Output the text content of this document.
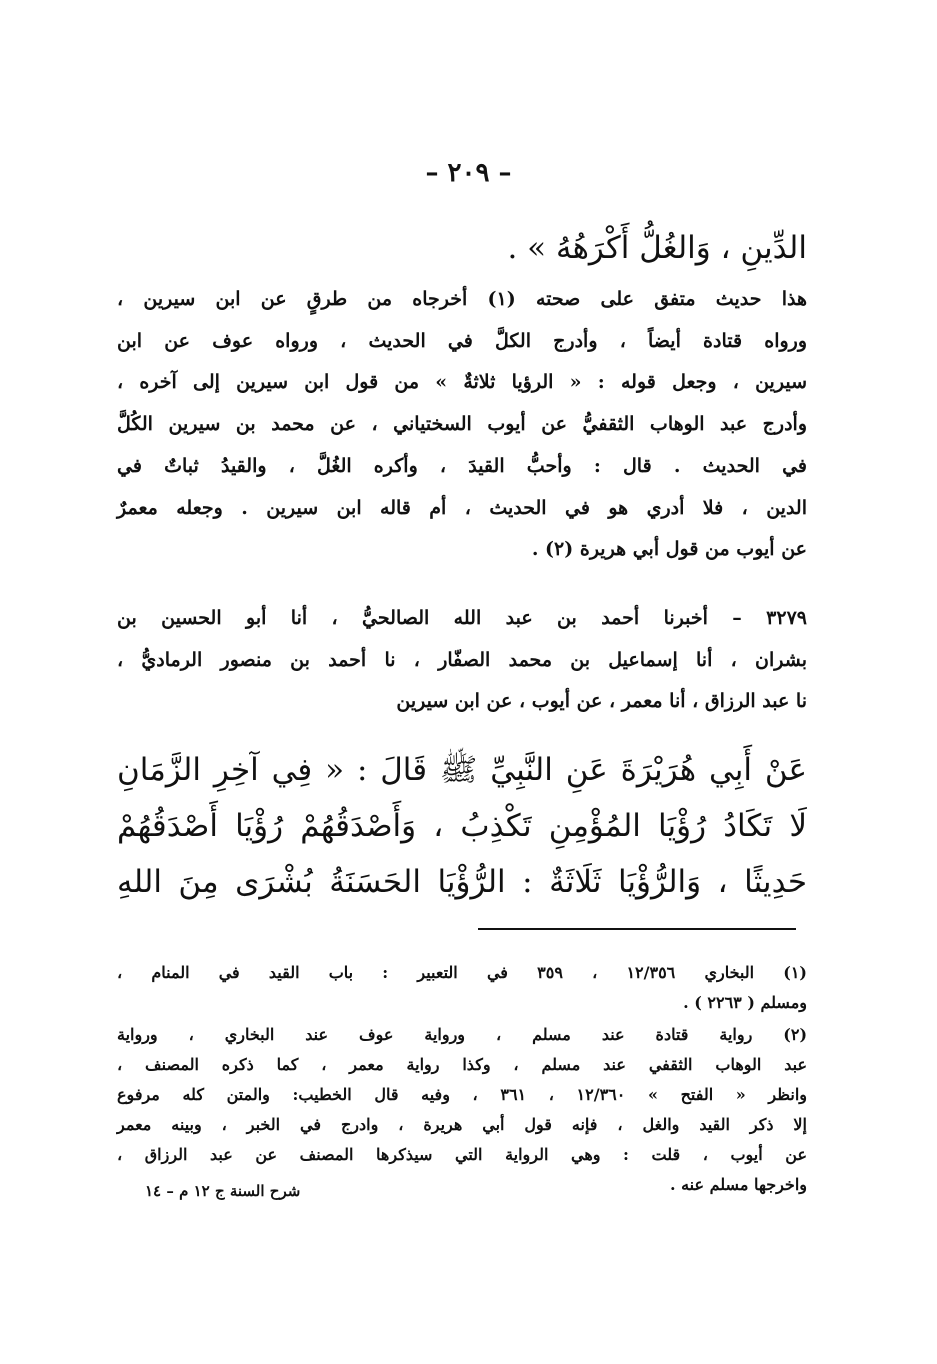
– ٢٠٩ –
الدِّينِ ، وَالغُلُّ أَكْرَهُهُ » .
هذا حديث متفق على صحته (١) أخرجاه من طرقٍ عن ابن سيرين ،
ورواه قتادة أيضاً ، وأدرج الكلَّ في الحديث ، ورواه عوف عن ابن
سيرين ، وجعل قوله : « الرؤيا ثلاثةٌ » من قول ابن سيرين إلى آخره ،
وأدرج عبد الوهاب الثقفيُّ عن أيوب السختياني ، عن محمد بن سيرين الكُلَّ
في الحديث . قال : وأحبُّ القيدَ ، وأكره الغُلَّ ، والقيدُ ثباتٌ في
الدين ، فلا أدري هو في الحديث ، أم قاله ابن سيرين . وجعله معمرٌ
عن أيوب من قول أبي هريرة (٢) .
٣٢٧٩ – أخبرنا أحمد بن عبد الله الصالحيُّ ، أنا أبو الحسين بن
بشران ، أنا إسماعيل بن محمد الصفّار ، نا أحمد بن منصور الرماديُّ ،
نا عبد الرزاق ، أنا معمر ، عن أيوب ، عن ابن سيرين
عَنْ أَبِي هُرَيْرَةَ عَنِ النَّبِيِّ ﷺ قَالَ : « فِي آخِرِ الزَّمَانِ
لَا تَكَادُ رُؤْيَا المُؤْمِنِ تَكْذِبُ ، وَأَصْدَقُهُمْ رُؤْيَا أَصْدَقُهُمْ
حَدِيثًا ، وَالرُّؤْيَا ثَلَاثَةٌ : الرُّؤْيَا الحَسَنَةُ بُشْرَى مِنَ اللهِ
(١) البخاري ١٢/٣٥٦ ، ٣٥٩ في التعبير : باب القيد في المنام ،
ومسلم ( ٢٢٦٣ ) .
(٢) رواية قتادة عند مسلم ، ورواية عوف عند البخاري ، ورواية
عبد الوهاب الثقفي عند مسلم ، وكذا رواية معمر ، كما ذكره المصنف ،
وانظر « الفتح » ١٢/٣٦٠ ، ٣٦١ ، وفيه قال الخطيب: والمتن كله مرفوع
إلا ذكر القيد والغل ، فإنه قول أبي هريرة ، وادرج في الخبر ، وبينه معمر
عن أيوب ، قلت : وهي الرواية التي سيذكرها المصنف عن عبد الرزاق ،
واخرجها مسلم عنه .
شرح السنة ج ١٢ م – ١٤
